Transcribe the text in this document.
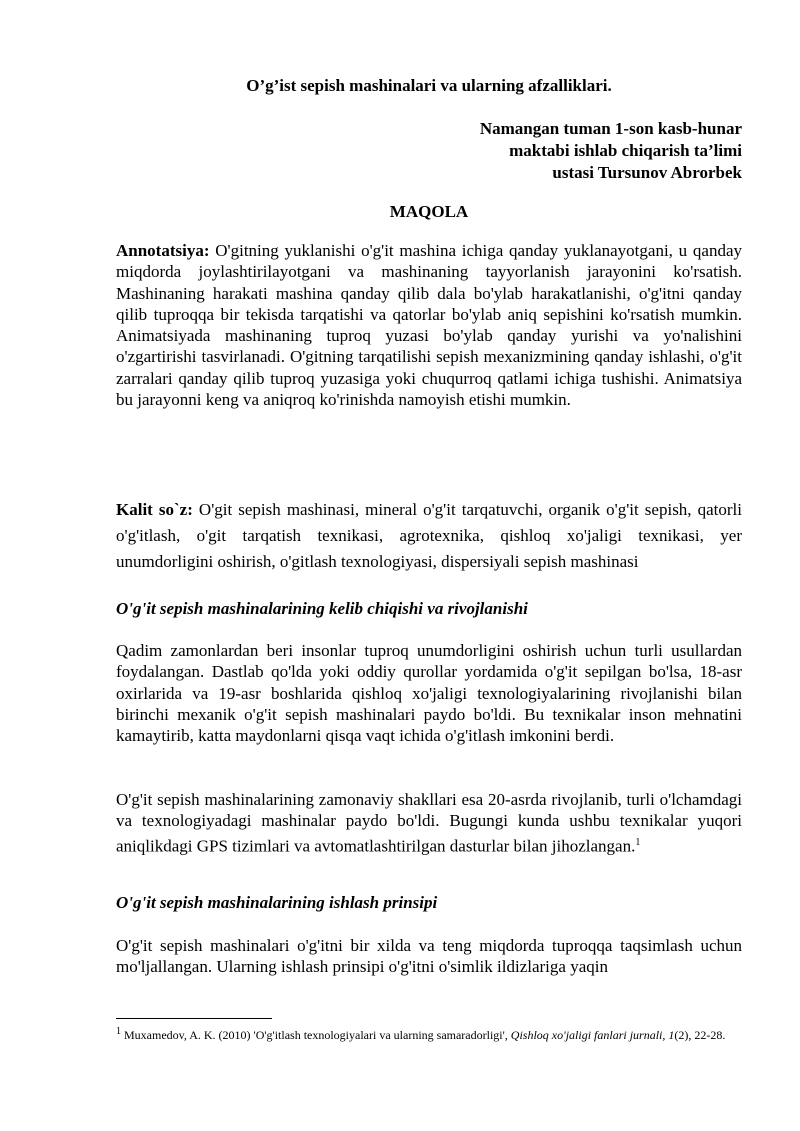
O’g’ist sepish mashinalari va ularning afzalliklari.
Namangan tuman 1-son kasb-hunar
maktabi ishlab chiqarish ta’limi
ustasi Tursunov Abrorbek
MAQOLA
Annotatsiya: O'gitning yuklanishi o'g'it mashina ichiga qanday yuklanayotgani, u qanday miqdorda joylashtirilayotgani va mashinaning tayyorlanish jarayonini ko'rsatish. Mashinaning harakati mashina qanday qilib dala bo'ylab harakatlanishi, o'g'itni qanday qilib tuproqqa bir tekisda tarqatishi va qatorlar bo'ylab aniq sepishini ko'rsatish mumkin. Animatsiyada mashinaning tuproq yuzasi bo'ylab qanday yurishi va yo'nalishini o'zgartirishi tasvirlanadi. O'gitning tarqatilishi sepish mexanizmining qanday ishlashi, o'g'it zarralari qanday qilib tuproq yuzasiga yoki chuqurroq qatlami ichiga tushishi. Animatsiya bu jarayonni keng va aniqroq ko'rinishda namoyish etishi mumkin.
Kalit so`z: O'git sepish mashinasi, mineral o'g'it tarqatuvchi, organik o'g'it sepish, qatorli o'g'itlash, o'git tarqatish texnikasi, agrotexnika, qishloq xo'jaligi texnikasi, yer unumdorligini oshirish, o'gitlash texnologiyasi, dispersiyali sepish mashinasi
O'g'it sepish mashinalarining kelib chiqishi va rivojlanishi
Qadim zamonlardan beri insonlar tuproq unumdorligini oshirish uchun turli usullardan foydalangan. Dastlab qo'lda yoki oddiy qurollar yordamida o'g'it sepilgan bo'lsa, 18-asr oxirlarida va 19-asr boshlarida qishloq xo'jaligi texnologiyalarining rivojlanishi bilan birinchi mexanik o'g'it sepish mashinalari paydo bo'ldi. Bu texnikalar inson mehnatini kamaytirib, katta maydonlarni qisqa vaqt ichida o'g'itlash imkonini berdi.
O'g'it sepish mashinalarining zamonaviy shakllari esa 20-asrda rivojlanib, turli o'lchamdagi va texnologiyadagi mashinalar paydo bo'ldi. Bugungi kunda ushbu texnikalar yuqori aniqlikdagi GPS tizimlari va avtomatlashtirilgan dasturlar bilan jihozlangan.$^1$
O'g'it sepish mashinalarining ishlash prinsipi
O'g'it sepish mashinalari o'g'itni bir xilda va teng miqdorda tuproqqa taqsimlash uchun mo'ljallangan. Ularning ishlash prinsipi o'g'itni o'simlik ildizlariga yaqin
$^1$ Muxamedov, A. K. (2010) 'O'g'itlash texnologiyalari va ularning samaradorligi', Qishloq xo'jaligi fanlari jurnali, 1(2), 22-28.
